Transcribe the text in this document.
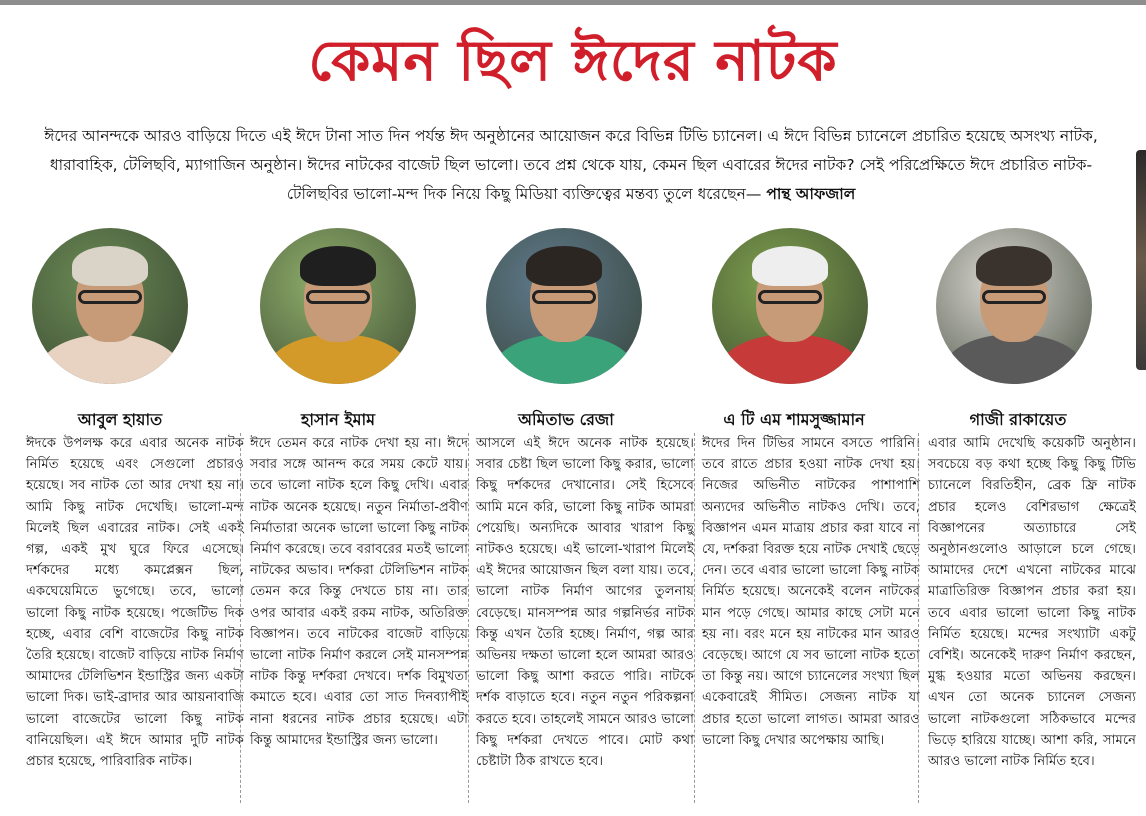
কেমন ছিল ঈদের নাটক
ঈদের আনন্দকে আরও বাড়িয়ে দিতে এই ঈদে টানা সাত দিন পর্যন্ত ঈদ অনুষ্ঠানের আয়োজন করে বিভিন্ন টিভি চ্যানেল। এ ঈদে বিভিন্ন চ্যানেলে প্রচারিত হয়েছে অসংখ্য নাটক, ধারাবাহিক, টেলিছবি, ম্যাগাজিন অনুষ্ঠান। ঈদের নাটকের বাজেট ছিল ভালো। তবে প্রশ্ন থেকে যায়, কেমন ছিল এবারের ঈদের নাটক? সেই পরিপ্রেক্ষিতে ঈদে প্রচারিত নাটক-টেলিছবির ভালো-মন্দ দিক নিয়ে কিছু মিডিয়া ব্যক্তিত্বের মন্তব্য তুলে ধরেছেন— পান্থ আফজাল
আবুল হায়াত
ঈদকে উপলক্ষ করে এবার অনেক নাটক নির্মিত হয়েছে এবং সেগুলো প্রচারও হয়েছে। সব নাটক তো আর দেখা হয় না। আমি কিছু নাটক দেখেছি। ভালো-মন্দ মিলেই ছিল এবারের নাটক। সেই একই গল্প, একই মুখ ঘুরে ফিরে এসেছে। দর্শকদের মধ্যে কমপ্লেক্সন ছিল, একঘেয়েমিতে ভুগেছে। তবে, ভালো ভালো কিছু নাটক হয়েছে। পজেটিভ দিক হচ্ছে, এবার বেশি বাজেটের কিছু নাটক তৈরি হয়েছে। বাজেট বাড়িয়ে নাটক নির্মাণ আমাদের টেলিভিশন ইন্ডাস্ট্রির জন্য একটা ভালো দিক। ভাই-ব্রাদার আর আয়নাবাজি ভালো বাজেটের ভালো কিছু নাটক বানিয়েছিল। এই ঈদে আমার দুটি নাটক প্রচার হয়েছে, পারিবারিক নাটক।
হাসান ইমাম
ঈদে তেমন করে নাটক দেখা হয় না। ঈদে সবার সঙ্গে আনন্দ করে সময় কেটে যায়। তবে ভালো নাটক হলে কিছু দেখি। এবার নাটক অনেক হয়েছে। নতুন নির্মাতা-প্রবীণ নির্মাতারা অনেক ভালো ভালো কিছু নাটক নির্মাণ করেছে। তবে বরাবরের মতই ভালো নাটকের অভাব। দর্শকরা টেলিভিশন নাটক তেমন করে কিন্তু দেখতে চায় না। তার ওপর আবার একই রকম নাটক, অতিরিক্ত বিজ্ঞাপন। তবে নাটকের বাজেট বাড়িয়ে ভালো নাটক নির্মাণ করলে সেই মানসম্পন্ন নাটক কিন্তু দর্শকরা দেখবে। দর্শক বিমুখতা কমাতে হবে। এবার তো সাত দিনব্যাপীই নানা ধরনের নাটক প্রচার হয়েছে। এটা কিন্তু আমাদের ইন্ডাস্ট্রির জন্য ভালো।
অমিতাভ রেজা
আসলে এই ঈদে অনেক নাটক হয়েছে। সবার চেষ্টা ছিল ভালো কিছু করার, ভালো কিছু দর্শকদের দেখানোর। সেই হিসেবে আমি মনে করি, ভালো কিছু নাটক আমরা পেয়েছি। অন্যদিকে আবার খারাপ কিছু নাটকও হয়েছে। এই ভালো-খারাপ মিলেই এই ঈদের আয়োজন ছিল বলা যায়। তবে, ভালো নাটক নির্মাণ আগের তুলনায় বেড়েছে। মানসম্পন্ন আর গল্পনির্ভর নাটক কিন্তু এখন তৈরি হচ্ছে। নির্মাণ, গল্প আর অভিনয় দক্ষতা ভালো হলে আমরা আরও ভালো কিছু আশা করতে পারি। নাটকে দর্শক বাড়াতে হবে। নতুন নতুন পরিকল্পনা করতে হবে। তাহলেই সামনে আরও ভালো কিছু দর্শকরা দেখতে পাবে। মোট কথা চেষ্টাটা ঠিক রাখতে হবে।
এ টি এম শামসুজ্জামান
ঈদের দিন টিভির সামনে বসতে পারিনি। তবে রাতে প্রচার হওয়া নাটক দেখা হয়। নিজের অভিনীত নাটকের পাশাপাশি অন্যদের অভিনীত নাটকও দেখি। তবে, বিজ্ঞাপন এমন মাত্রায় প্রচার করা যাবে না যে, দর্শকরা বিরক্ত হয়ে নাটক দেখাই ছেড়ে দেন। তবে এবার ভালো ভালো কিছু নাটক নির্মিত হয়েছে। অনেকেই বলেন নাটকের মান পড়ে গেছে। আমার কাছে সেটা মনে হয় না। বরং মনে হয় নাটকের মান আরও বেড়েছে। আগে যে সব ভালো নাটক হতো তা কিন্তু নয়। আগে চ্যানেলের সংখ্যা ছিল একেবারেই সীমিত। সেজন্য নাটক যা প্রচার হতো ভালো লাগত। আমরা আরও ভালো কিছু দেখার অপেক্ষায় আছি।
গাজী রাকায়েত
এবার আমি দেখেছি কয়েকটি অনুষ্ঠান। সবচেয়ে বড় কথা হচ্ছে কিছু কিছু টিভি চ্যানেলে বিরতিহীন, ব্রেক ফ্রি নাটক প্রচার হলেও বেশিরভাগ ক্ষেত্রেই বিজ্ঞাপনের অত্যাচারে সেই অনুষ্ঠানগুলোও আড়ালে চলে গেছে। আমাদের দেশে এখনো নাটকের মাঝে মাত্রাতিরিক্ত বিজ্ঞাপন প্রচার করা হয়। তবে এবার ভালো ভালো কিছু নাটক নির্মিত হয়েছে। মন্দের সংখ্যাটা একটু বেশিই। অনেকেই দারুণ নির্মাণ করছেন, মুগ্ধ হওয়ার মতো অভিনয় করছেন। এখন তো অনেক চ্যানেল সেজন্য ভালো নাটকগুলো সঠিকভাবে মন্দের ভিড়ে হারিয়ে যাচ্ছে। আশা করি, সামনে আরও ভালো নাটক নির্মিত হবে।
